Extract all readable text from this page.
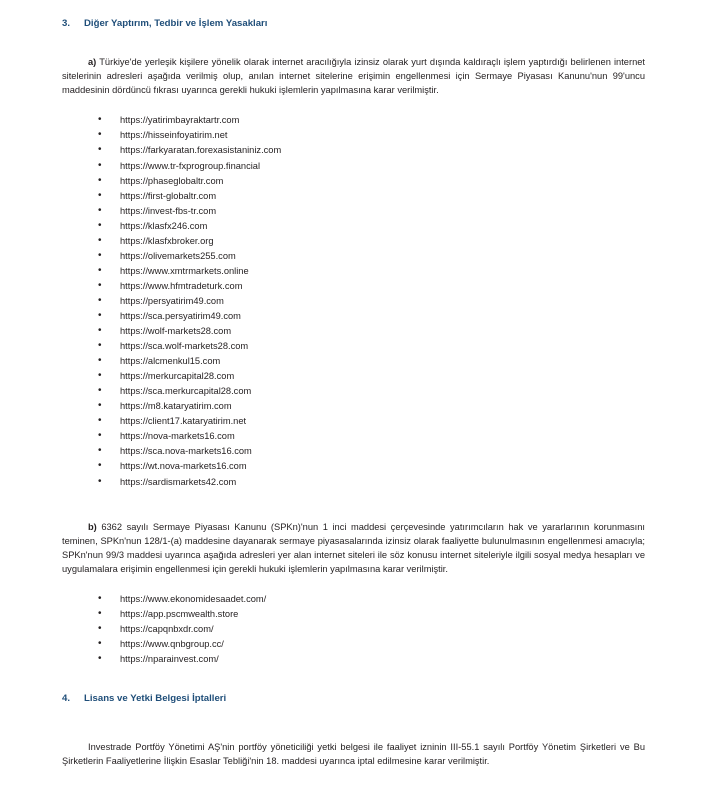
3.	Diğer Yaptırım, Tedbir ve İşlem Yasakları

a) Türkiye'de yerleşik kişilere yönelik olarak internet aracılığıyla izinsiz olarak yurt dışında kaldıraçlı işlem yaptırdığı belirlenen internet sitelerinin adresleri aşağıda verilmiş olup, anılan internet sitelerine erişimin engellenmesi için Sermaye Piyasası Kanunu'nun 99'uncu maddesinin dördüncü fıkrası uyarınca gerekli hukuki işlemlerin yapılmasına karar verilmiştir.

• https://yatirimbayraktartr.com
• https://hisseinfoyatirim.net
• https://farkyaratan.forexasistaniniz.com
• https://www.tr-fxprogroup.financial
• https://phaseglobaltr.com
• https://first-globaltr.com
• https://invest-fbs-tr.com
• https://klasfx246.com
• https://klasfxbroker.org
• https://olivemarkets255.com
• https://www.xmtrmarkets.online
• https://www.hfmtradeturk.com
• https://persyatirim49.com
• https://sca.persyatirim49.com
• https://wolf-markets28.com
• https://sca.wolf-markets28.com
• https://alcmenkul15.com
• https://merkurcapital28.com
• https://sca.merkurcapital28.com
• https://m8.kataryatirim.com
• https://client17.kataryatirim.net
• https://nova-markets16.com
• https://sca.nova-markets16.com
• https://wt.nova-markets16.com
• https://sardismarkets42.com

b) 6362 sayılı Sermaye Piyasası Kanunu (SPKn)'nun 1 inci maddesi çerçevesinde yatırımcıların hak ve yararlarının korunmasını teminen, SPKn'nun 128/1-(a) maddesine dayanarak sermaye piyasasalarında izinsiz olarak faaliyette bulunulmasının engellenmesi amacıyla; SPKn'nun 99/3 maddesi uyarınca aşağıda adresleri yer alan internet siteleri ile söz konusu internet siteleriyle ilgili sosyal medya hesapları ve uygulamalara erişimin engellenmesi için gerekli hukuki işlemlerin yapılmasına karar verilmiştir.

• https://www.ekonomidesaadet.com/
• https://app.pscmwealth.store
• https://capqnbxdr.com/
• https://www.qnbgroup.cc/
• https://nparainvest.com/
4.	Lisans ve Yetki Belgesi İptalleri

Investrade Portföy Yönetimi AŞ'nin portföy yöneticiliği yetki belgesi ile faaliyet izninin III-55.1 sayılı Portföy Yönetim Şirketleri ve Bu Şirketlerin Faaliyetlerine İlişkin Esaslar Tebliği'nin 18. maddesi uyarınca iptal edilmesine karar verilmiştir.
